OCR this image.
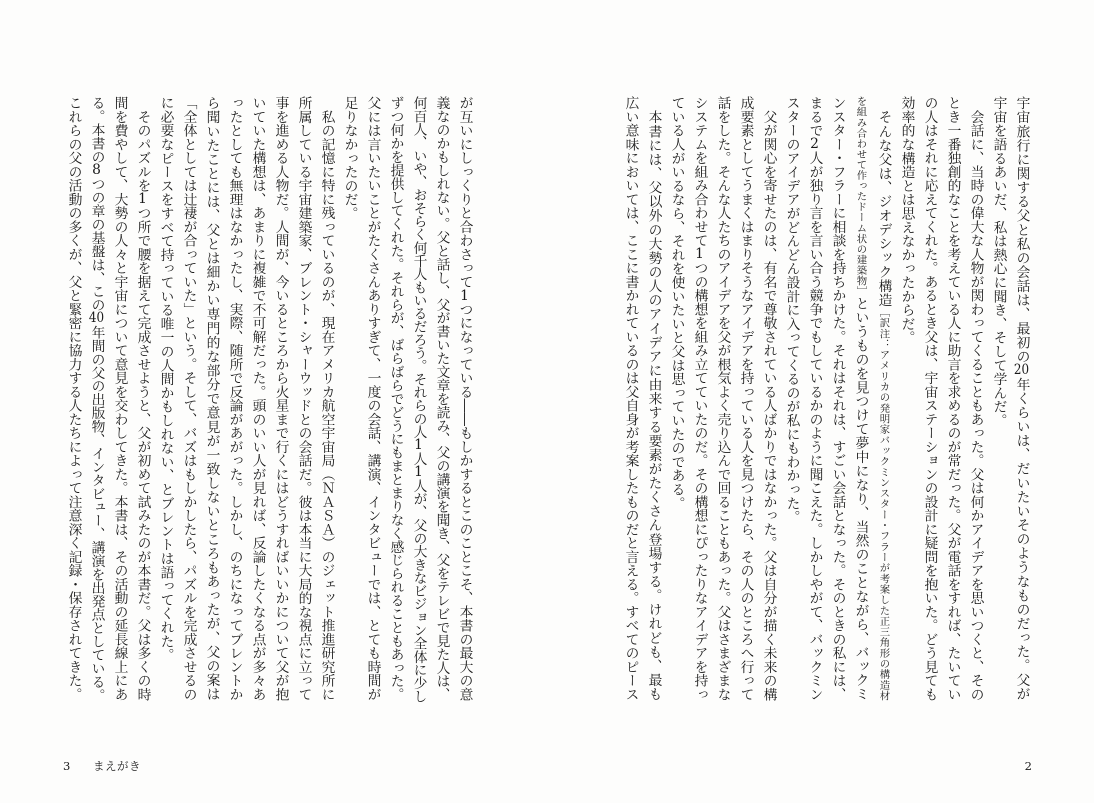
宇宙旅行に関する父と私の会話は、最初の20年くらいは、だいたいそのようなものだった。父が
宇宙を語るあいだ、私は熱心に聞き、そして学んだ。
　会話に、当時の偉大な人物が関わってくることもあった。父は何かアイデアを思いつくと、その
とき一番独創的なことを考えている人に助言を求めるのが常だった。父が電話をすれば、たいてい
の人はそれに応えてくれた。あるとき父は、宇宙ステーションの設計に疑問を抱いた。どう見ても
効率的な構造とは思えなかったからだ。
　そんな父は、ジオデシック構造［訳注：アメリカの発明家バックミンスター・フラーが考案した正三角形の構造材
を組み合わせて作ったドーム状の建築物］というものを見つけて夢中になり、当然のことながら、バックミ
ンスター・フラーに相談を持ちかけた。それはそれは、すごい会話となった。そのときの私には、
まるで2人が独り言を言い合う競争でもしているかのように聞こえた。しかしやがて、バックミン
スターのアイデアがどんどん設計に入ってくるのが私にもわかった。
　父が関心を寄せたのは、有名で尊敬されている人ばかりではなかった。父は自分が描く未来の構
成要素としてうまくはまりそうなアイデアを持っている人を見つけたら、その人のところへ行って
話をした。そんな人たちのアイデアを父が根気よく売り込んで回ることもあった。父はさまざまな
システムを組み合わせて1つの構想を組み立てていたのだ。その構想にぴったりなアイデアを持っ
ている人がいるなら、それを使いたいと父は思っていたのである。
　本書には、父以外の大勢の人のアイデアに由来する要素がたくさん登場する。けれども、最も
広い意味においては、ここに書かれているのは父自身が考案したものだと言える。すべてのピース
2
が互いにしっくりと合わさって1つになっている――もしかするとこのことこそ、本書の最大の意
義なのかもしれない。父と話し、父が書いた文章を読み、父の講演を聞き、父をテレビで見た人は、
何百人、いや、おそらく何千人もいるだろう。それらの人1人1人が、父の大きなビジョン全体に少し
ずつ何かを提供してくれた。それらが、ばらばらでどうにもまとまりなく感じられることもあった。
父には言いたいことがたくさんありすぎて、一度の会話、講演、インタビューでは、とても時間が
足りなかったのだ。
　私の記憶に特に残っているのが、現在アメリカ航空宇宙局（ＮＡＳＡ）のジェット推進研究所に
所属している宇宙建築家、ブレント・シャーウッドとの会話だ。彼は本当に大局的な視点に立って
事を進める人物だ。人間が、今いるところから火星まで行くにはどうすればいいかについて父が抱
いていた構想は、あまりに複雑で不可解だった。頭のいい人が見れば、反論したくなる点が多々あ
ったとしても無理はなかったし、実際、随所で反論があがった。しかし、のちになってブレントか
ら聞いたことには、父とは細かい専門的な部分で意見が一致しないところもあったが、父の案は
「全体としては辻褄が合っていた」という。そして、バズはもしかしたら、パズルを完成させるの
に必要なピースをすべて持っている唯一の人間かもしれない、とブレントは語ってくれた。
　そのパズルを1つ所で腰を据えて完成させようと、父が初めて試みたのが本書だ。父は多くの時
間を費やして、大勢の人々と宇宙について意見を交わしてきた。本書は、その活動の延長線上にあ
る。本書の8つの章の基盤は、この40年間の父の出版物、インタビュー、講演を出発点としている。
これらの父の活動の多くが、父と緊密に協力する人たちによって注意深く記録・保存されてきた。
3 まえがき
